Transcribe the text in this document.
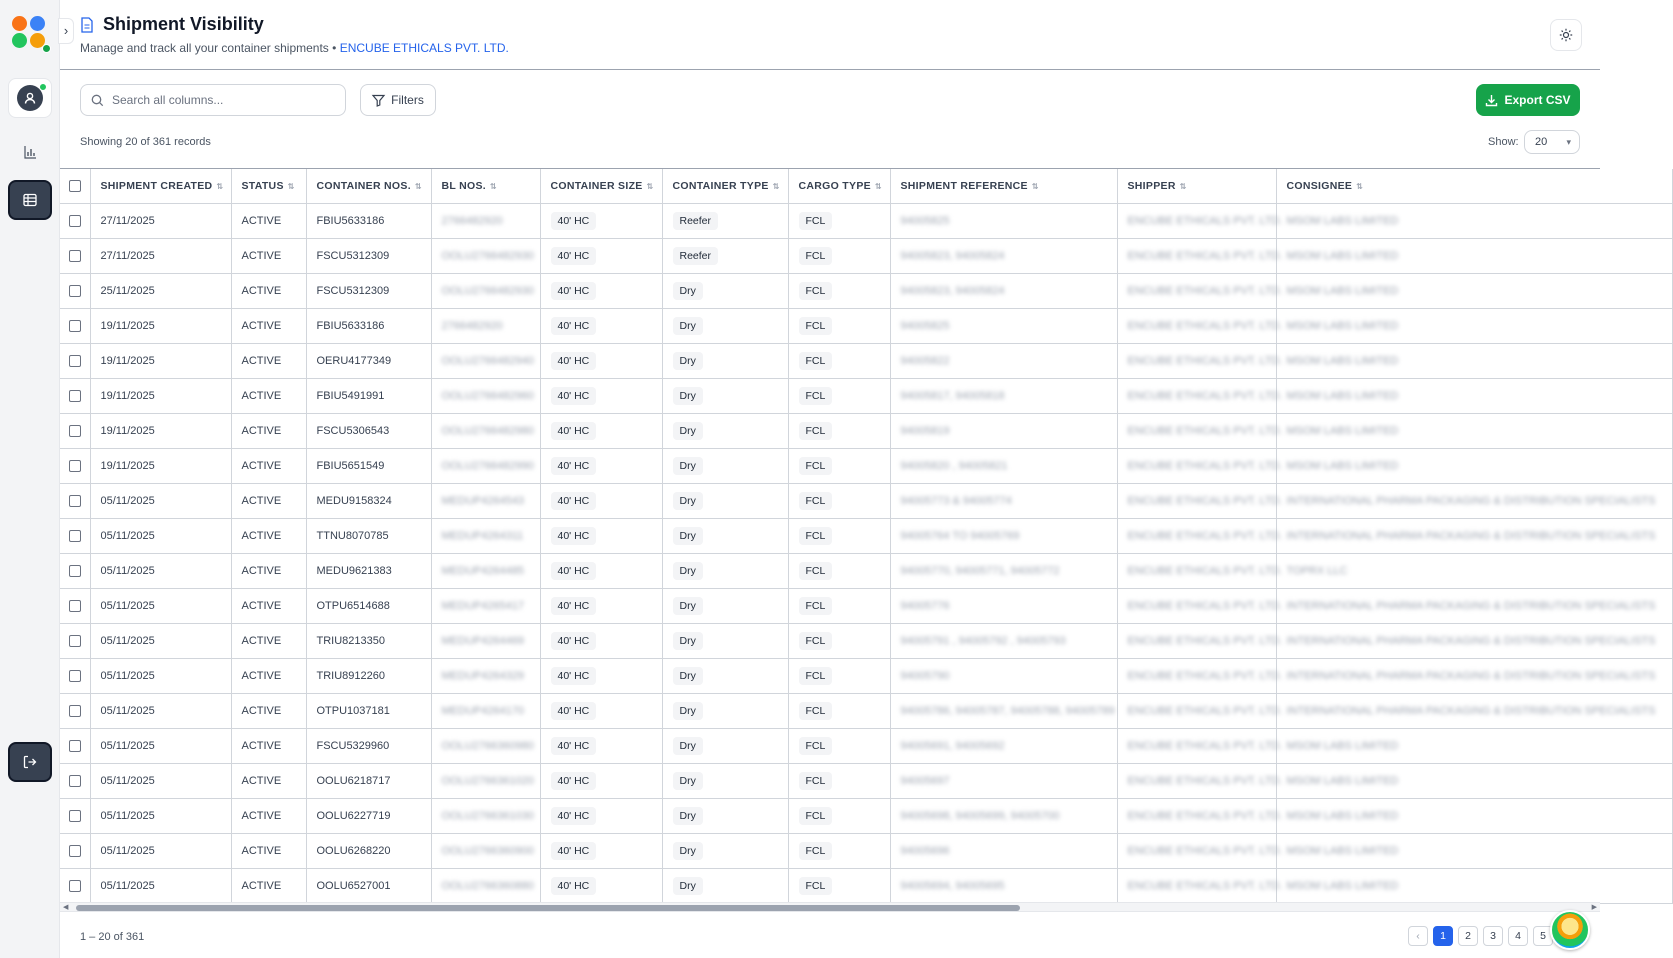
›	Shipment Visibility
Manage and track all your container shipments • ENCUBE ETHICALS PVT. LTD.
Search all columns...
Filters	Export CSV
Showing 20 of 361 records	Show:	20 ▾
	SHIPMENT CREATED ⇅	STATUS ⇅	CONTAINER NOS. ⇅	BL NOS. ⇅	CONTAINER SIZE ⇅	CONTAINER TYPE ⇅	CARGO TYPE ⇅	SHIPMENT REFERENCE ⇅	SHIPPER ⇅	CONSIGNEE ⇅
	27/11/2025	ACTIVE	FBIU5633186	2766482920	40' HC	Reefer	FCL	94005825	ENCUBE ETHICALS PVT. LTD.	MSOM LABS LIMITED
	27/11/2025	ACTIVE	FSCU5312309	OOLU2766482930	40' HC	Reefer	FCL	94005823, 94005824	ENCUBE ETHICALS PVT. LTD.	MSOM LABS LIMITED
	25/11/2025	ACTIVE	FSCU5312309	OOLU2766482930	40' HC	Dry	FCL	94005823, 94005824	ENCUBE ETHICALS PVT. LTD.	MSOM LABS LIMITED
	19/11/2025	ACTIVE	FBIU5633186	2766482920	40' HC	Dry	FCL	94005825	ENCUBE ETHICALS PVT. LTD.	MSOM LABS LIMITED
	19/11/2025	ACTIVE	OERU4177349	OOLU2766482940	40' HC	Dry	FCL	94005822	ENCUBE ETHICALS PVT. LTD.	MSOM LABS LIMITED
	19/11/2025	ACTIVE	FBIU5491991	OOLU2766482960	40' HC	Dry	FCL	94005817, 94005818	ENCUBE ETHICALS PVT. LTD.	MSOM LABS LIMITED
	19/11/2025	ACTIVE	FSCU5306543	OOLU2766482980	40' HC	Dry	FCL	94005819	ENCUBE ETHICALS PVT. LTD.	MSOM LABS LIMITED
	19/11/2025	ACTIVE	FBIU5651549	OOLU2766482990	40' HC	Dry	FCL	94005820 , 94005821	ENCUBE ETHICALS PVT. LTD.	MSOM LABS LIMITED
	05/11/2025	ACTIVE	MEDU9158324	MEDUP4264543	40' HC	Dry	FCL	94005773 & 94005774	ENCUBE ETHICALS PVT. LTD.	INTERNATIONAL PHARMA PACKAGING & DISTRIBUTION SPECIALISTS
	05/11/2025	ACTIVE	TTNU8070785	MEDUP4264311	40' HC	Dry	FCL	94005764 TO 94005769	ENCUBE ETHICALS PVT. LTD.	INTERNATIONAL PHARMA PACKAGING & DISTRIBUTION SPECIALISTS
	05/11/2025	ACTIVE	MEDU9621383	MEDUP4264485	40' HC	Dry	FCL	94005770, 94005771, 94005772	ENCUBE ETHICALS PVT. LTD.	TOPRX LLC
	05/11/2025	ACTIVE	OTPU6514688	MEDUP4265417	40' HC	Dry	FCL	94005776	ENCUBE ETHICALS PVT. LTD.	INTERNATIONAL PHARMA PACKAGING & DISTRIBUTION SPECIALISTS
	05/11/2025	ACTIVE	TRIU8213350	MEDUP4264469	40' HC	Dry	FCL	94005791 , 94005792 , 94005793	ENCUBE ETHICALS PVT. LTD.	INTERNATIONAL PHARMA PACKAGING & DISTRIBUTION SPECIALISTS
	05/11/2025	ACTIVE	TRIU8912260	MEDUP4264329	40' HC	Dry	FCL	94005790	ENCUBE ETHICALS PVT. LTD.	INTERNATIONAL PHARMA PACKAGING & DISTRIBUTION SPECIALISTS
	05/11/2025	ACTIVE	OTPU1037181	MEDUP4264170	40' HC	Dry	FCL	94005786, 94005787, 94005788, 94005789	ENCUBE ETHICALS PVT. LTD.	INTERNATIONAL PHARMA PACKAGING & DISTRIBUTION SPECIALISTS
	05/11/2025	ACTIVE	FSCU5329960	OOLU2766360980	40' HC	Dry	FCL	94005691, 94005692	ENCUBE ETHICALS PVT. LTD.	MSOM LABS LIMITED
	05/11/2025	ACTIVE	OOLU6218717	OOLU2766361020	40' HC	Dry	FCL	94005697	ENCUBE ETHICALS PVT. LTD.	MSOM LABS LIMITED
	05/11/2025	ACTIVE	OOLU6227719	OOLU2766361030	40' HC	Dry	FCL	94005698, 94005699, 94005700	ENCUBE ETHICALS PVT. LTD.	MSOM LABS LIMITED
	05/11/2025	ACTIVE	OOLU6268220	OOLU2766360900	40' HC	Dry	FCL	94005696	ENCUBE ETHICALS PVT. LTD.	MSOM LABS LIMITED
	05/11/2025	ACTIVE	OOLU6527001	OOLU2766360880	40' HC	Dry	FCL	94005694, 94005695	ENCUBE ETHICALS PVT. LTD.	MSOM LABS LIMITED
◀	▶
1 – 20 of 361	‹	1	2	3	4	5
